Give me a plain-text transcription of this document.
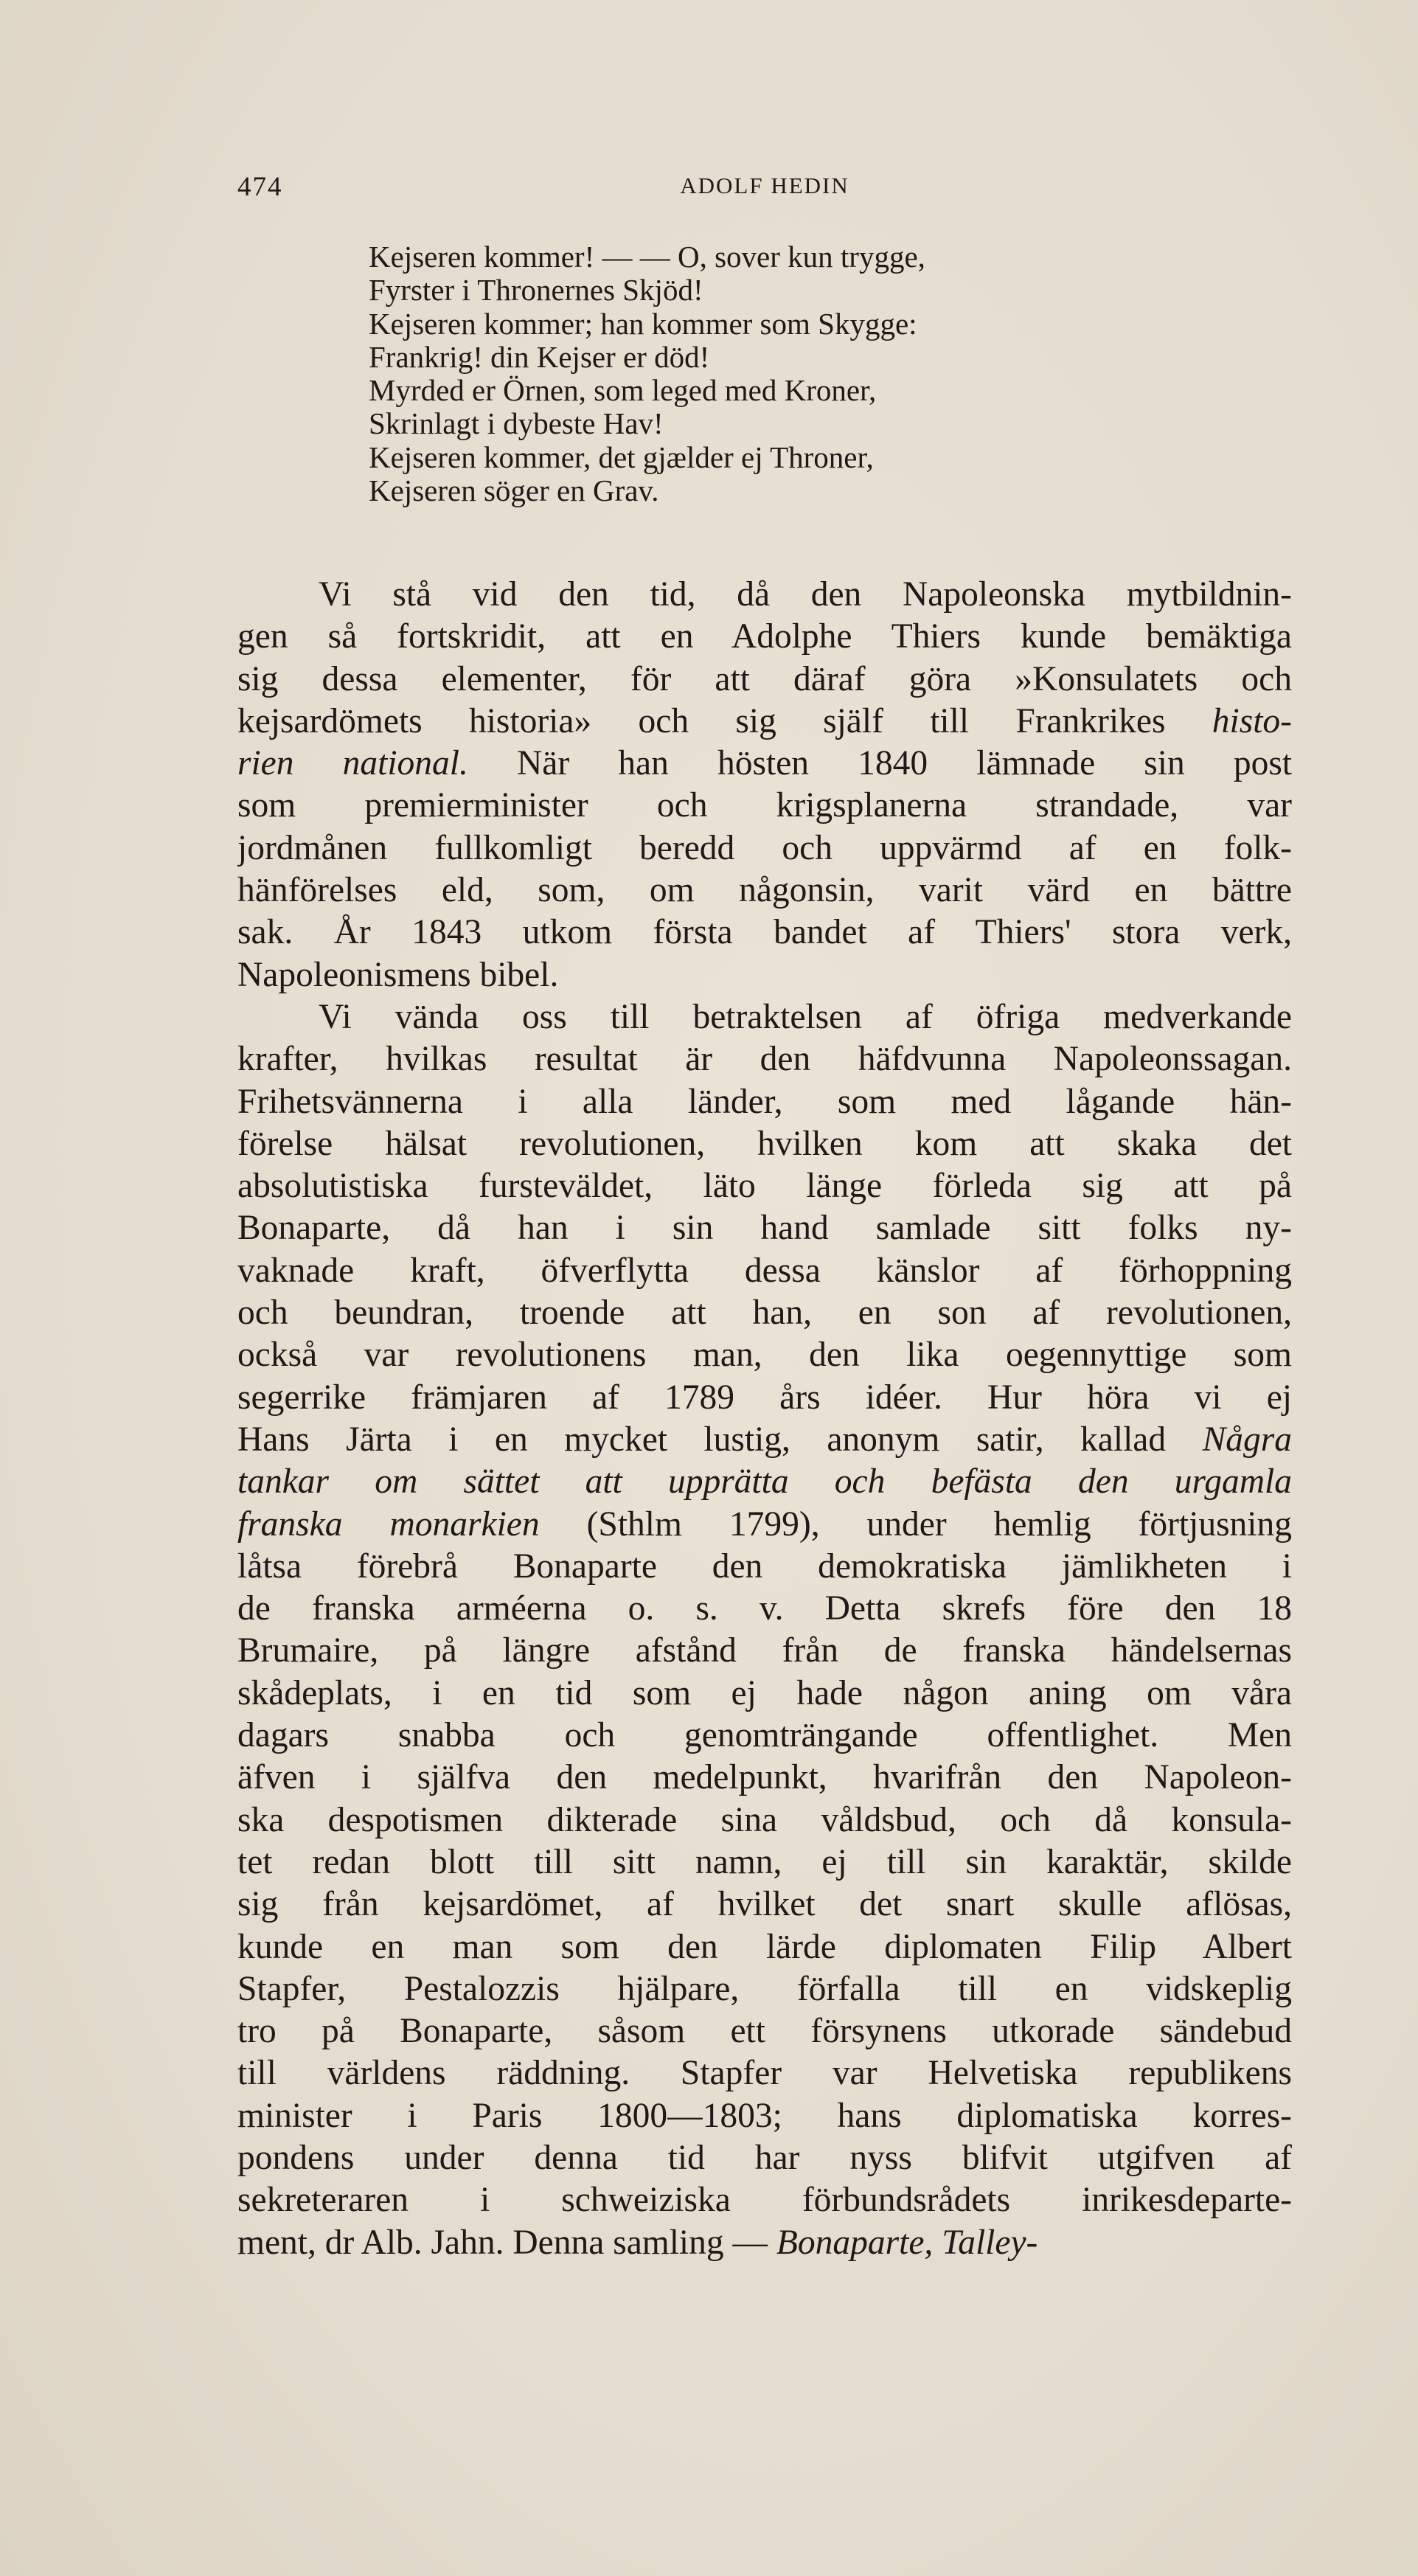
474	ADOLF HEDIN
Kejseren kommer! — — O, sover kun trygge,
Fyrster i Thronernes Skjöd!
Kejseren kommer; han kommer som Skygge:
Frankrig! din Kejser er död!
Myrded er Örnen, som leged med Kroner,
Skrinlagt i dybeste Hav!
Kejseren kommer, det gjælder ej Throner,
Kejseren söger en Grav.
Vi stå vid den tid, då den Napoleonska mytbildnin-
gen så fortskridit, att en Adolphe Thiers kunde bemäktiga
sig dessa elementer, för att däraf göra »Konsulatets och
kejsardömets historia» och sig själf till Frankrikes histo-
rien national. När han hösten 1840 lämnade sin post
som premierminister och krigsplanerna strandade, var
jordmånen fullkomligt beredd och uppvärmd af en folk-
hänförelses eld, som, om någonsin, varit värd en bättre
sak. År 1843 utkom första bandet af Thiers' stora verk,
Napoleonismens bibel.
Vi vända oss till betraktelsen af öfriga medverkande
krafter, hvilkas resultat är den häfdvunna Napoleonssagan.
Frihetsvännerna i alla länder, som med lågande hän-
förelse hälsat revolutionen, hvilken kom att skaka det
absolutistiska fursteväldet, läto länge förleda sig att på
Bonaparte, då han i sin hand samlade sitt folks ny-
vaknade kraft, öfverflytta dessa känslor af förhoppning
och beundran, troende att han, en son af revolutionen,
också var revolutionens man, den lika oegennyttige som
segerrike främjaren af 1789 års idéer. Hur höra vi ej
Hans Järta i en mycket lustig, anonym satir, kallad Några
tankar om sättet att upprätta och befästa den urgamla
franska monarkien (Sthlm 1799), under hemlig förtjusning
låtsa förebrå Bonaparte den demokratiska jämlikheten i
de franska arméerna o. s. v. Detta skrefs före den 18
Brumaire, på längre afstånd från de franska händelsernas
skådeplats, i en tid som ej hade någon aning om våra
dagars snabba och genomträngande offentlighet. Men
äfven i själfva den medelpunkt, hvarifrån den Napoleon-
ska despotismen dikterade sina våldsbud, och då konsula-
tet redan blott till sitt namn, ej till sin karaktär, skilde
sig från kejsardömet, af hvilket det snart skulle aflösas,
kunde en man som den lärde diplomaten Filip Albert
Stapfer, Pestalozzis hjälpare, förfalla till en vidskeplig
tro på Bonaparte, såsom ett försynens utkorade sändebud
till världens räddning. Stapfer var Helvetiska republikens
minister i Paris 1800—1803; hans diplomatiska korres-
pondens under denna tid har nyss blifvit utgifven af
sekreteraren i schweiziska förbundsrådets inrikesdeparte-
ment, dr Alb. Jahn. Denna samling — Bonaparte, Talley-
